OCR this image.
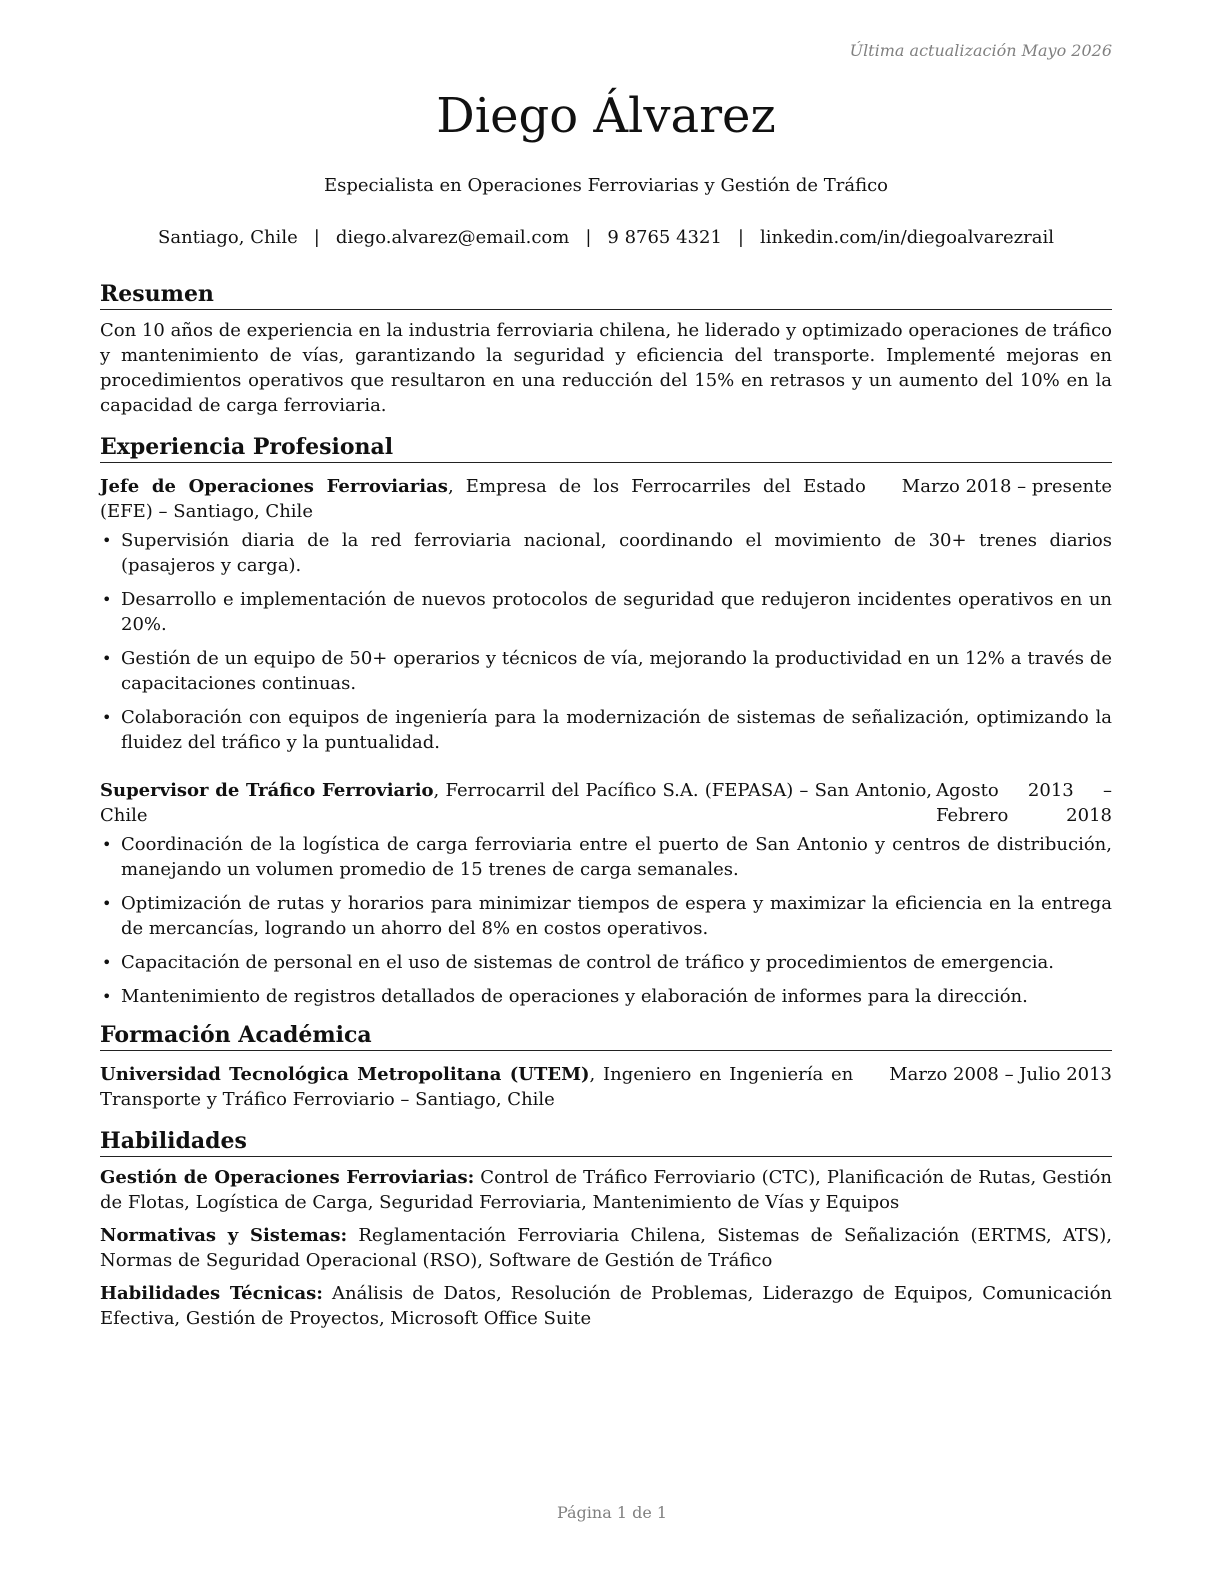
Última actualización Mayo 2026
Diego Álvarez
Especialista en Operaciones Ferroviarias y Gestión de Tráfico
Santiago, Chile | diego.alvarez@email.com | 9 8765 4321 | linkedin.com/in/diegoalvarezrail
Resumen
Con 10 años de experiencia en la industria ferroviaria chilena, he liderado y optimizado operaciones de tráfico y mantenimiento de vías, garantizando la seguridad y eficiencia del transporte. Implementé mejoras en procedimientos operativos que resultaron en una reducción del 15% en retrasos y un aumento del 10% en la capacidad de carga ferroviaria.
Experiencia Profesional
Jefe de Operaciones Ferroviarias, Empresa de los Ferrocarriles del Estado (EFE) – Santiago, Chile
Marzo 2018 – presente
• Supervisión diaria de la red ferroviaria nacional, coordinando el movimiento de 30+ trenes diarios (pasajeros y carga).
• Desarrollo e implementación de nuevos protocolos de seguridad que redujeron incidentes operativos en un 20%.
• Gestión de un equipo de 50+ operarios y técnicos de vía, mejorando la productividad en un 12% a través de capacitaciones continuas.
• Colaboración con equipos de ingeniería para la modernización de sistemas de señalización, optimizando la fluidez del tráfico y la puntualidad.
Supervisor de Tráfico Ferroviario, Ferrocarril del Pacífico S.A. (FEPASA) – San Antonio, Chile
Agosto 2013 – Febrero 2018
• Coordinación de la logística de carga ferroviaria entre el puerto de San Antonio y centros de distribución, manejando un volumen promedio de 15 trenes de carga semanales.
• Optimización de rutas y horarios para minimizar tiempos de espera y maximizar la eficiencia en la entrega de mercancías, logrando un ahorro del 8% en costos operativos.
• Capacitación de personal en el uso de sistemas de control de tráfico y procedimientos de emergencia.
• Mantenimiento de registros detallados de operaciones y elaboración de informes para la dirección.
Formación Académica
Universidad Tecnológica Metropolitana (UTEM), Ingeniero en Ingeniería en Transporte y Tráfico Ferroviario – Santiago, Chile
Marzo 2008 – Julio 2013
Habilidades
Gestión de Operaciones Ferroviarias: Control de Tráfico Ferroviario (CTC), Planificación de Rutas, Gestión de Flotas, Logística de Carga, Seguridad Ferroviaria, Mantenimiento de Vías y Equipos
Normativas y Sistemas: Reglamentación Ferroviaria Chilena, Sistemas de Señalización (ERTMS, ATS), Normas de Seguridad Operacional (RSO), Software de Gestión de Tráfico
Habilidades Técnicas: Análisis de Datos, Resolución de Problemas, Liderazgo de Equipos, Comunicación Efectiva, Gestión de Proyectos, Microsoft Office Suite
Página 1 de 1
